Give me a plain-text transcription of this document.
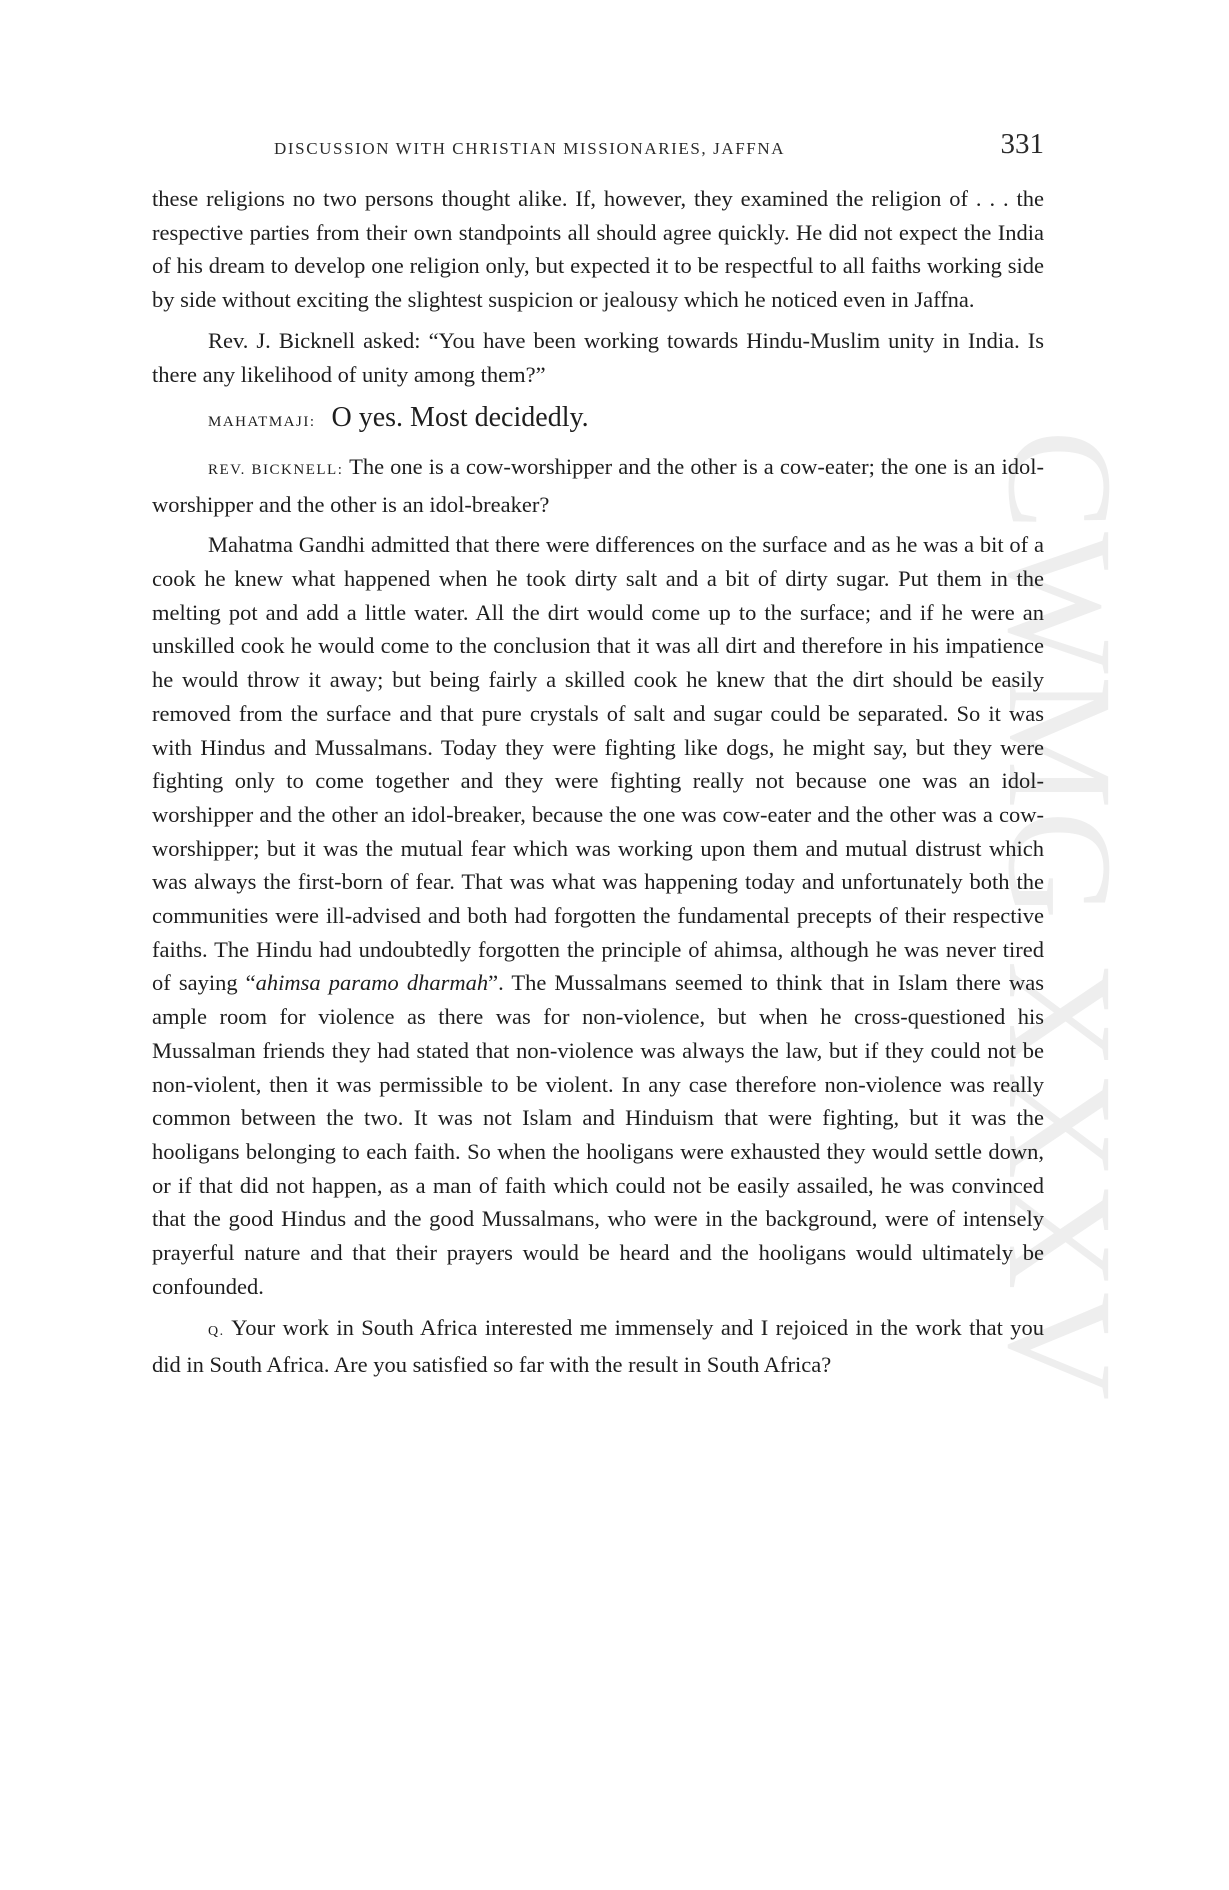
CWMG XXXV
DISCUSSION WITH CHRISTIAN MISSIONARIES, JAFFNA	331

these religions no two persons thought alike. If, however, they examined the religion of . . . the respective parties from their own standpoints all should agree quickly. He did not expect the India of his dream to develop one religion only, but expected it to be respectful to all faiths working side by side without exciting the slightest suspicion or jealousy which he noticed even in Jaffna.

Rev. J. Bicknell asked: “You have been working towards Hindu-Muslim unity in India. Is there any likelihood of unity among them?”

MAHATMAJI: O yes. Most decidedly.

REV. BICKNELL: The one is a cow-worshipper and the other is a cow-eater; the one is an idol-worshipper and the other is an idol-breaker?

Mahatma Gandhi admitted that there were differences on the surface and as he was a bit of a cook he knew what happened when he took dirty salt and a bit of dirty sugar. Put them in the melting pot and add a little water. All the dirt would come up to the surface; and if he were an unskilled cook he would come to the conclusion that it was all dirt and therefore in his impatience he would throw it away; but being fairly a skilled cook he knew that the dirt should be easily removed from the surface and that pure crystals of salt and sugar could be separated. So it was with Hindus and Mussalmans. Today they were fighting like dogs, he might say, but they were fighting only to come together and they were fighting really not because one was an idol-worshipper and the other an idol-breaker, because the one was cow-eater and the other was a cow-worshipper; but it was the mutual fear which was working upon them and mutual distrust which was always the first-born of fear. That was what was happening today and unfortunately both the communities were ill-advised and both had forgotten the fundamental precepts of their respective faiths. The Hindu had undoubtedly forgotten the principle of ahimsa, although he was never tired of saying “ahimsa paramo dharmah”. The Mussalmans seemed to think that in Islam there was ample room for violence as there was for non-violence, but when he cross-questioned his Mussalman friends they had stated that non-violence was always the law, but if they could not be non-violent, then it was permissible to be violent. In any case therefore non-violence was really common between the two. It was not Islam and Hinduism that were fighting, but it was the hooligans belonging to each faith. So when the hooligans were exhausted they would settle down, or if that did not happen, as a man of faith which could not be easily assailed, he was convinced that the good Hindus and the good Mussalmans, who were in the background, were of intensely prayerful nature and that their prayers would be heard and the hooligans would ultimately be confounded.

Q. Your work in South Africa interested me immensely and I rejoiced in the work that you did in South Africa. Are you satisfied so far with the result in South Africa?
